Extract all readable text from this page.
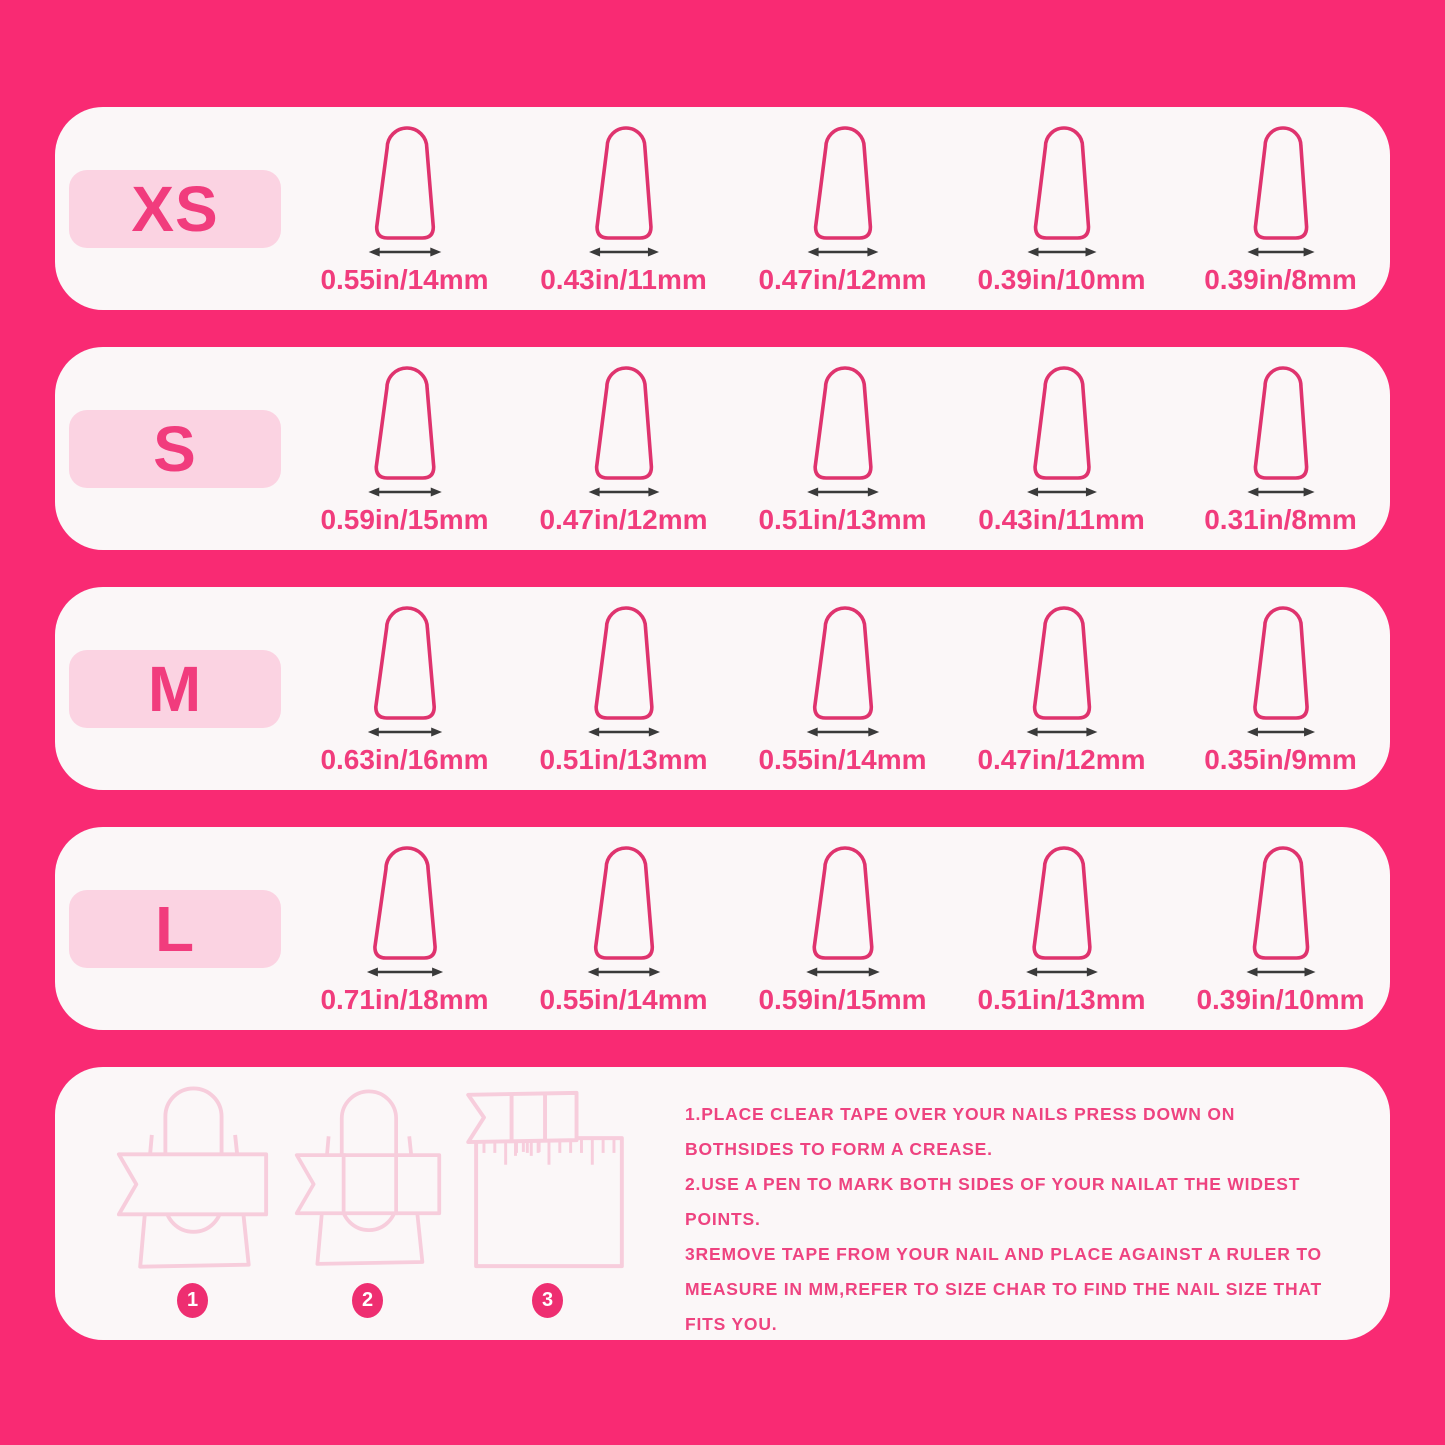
XS
0.55in/14mm 0.43in/11mm 0.47in/12mm 0.39in/10mm 0.39in/8mm
S
0.59in/15mm 0.47in/12mm 0.51in/13mm 0.43in/11mm 0.31in/8mm
M
0.63in/16mm 0.51in/13mm 0.55in/14mm 0.47in/12mm 0.35in/9mm
L
0.71in/18mm 0.55in/14mm 0.59in/15mm 0.51in/13mm 0.39in/10mm
1	2	3

1.PLACE CLEAR TAPE OVER YOUR NAILS PRESS DOWN ON BOTHSIDES TO FORM A CREASE.

2.USE A PEN TO MARK BOTH SIDES OF YOUR NAILAT THE WIDEST POINTS.

3REMOVE TAPE FROM YOUR NAIL AND PLACE AGAINST A RULER TO MEASURE IN MM,REFER TO SIZE CHAR TO FIND THE NAIL SIZE THAT FITS YOU.
